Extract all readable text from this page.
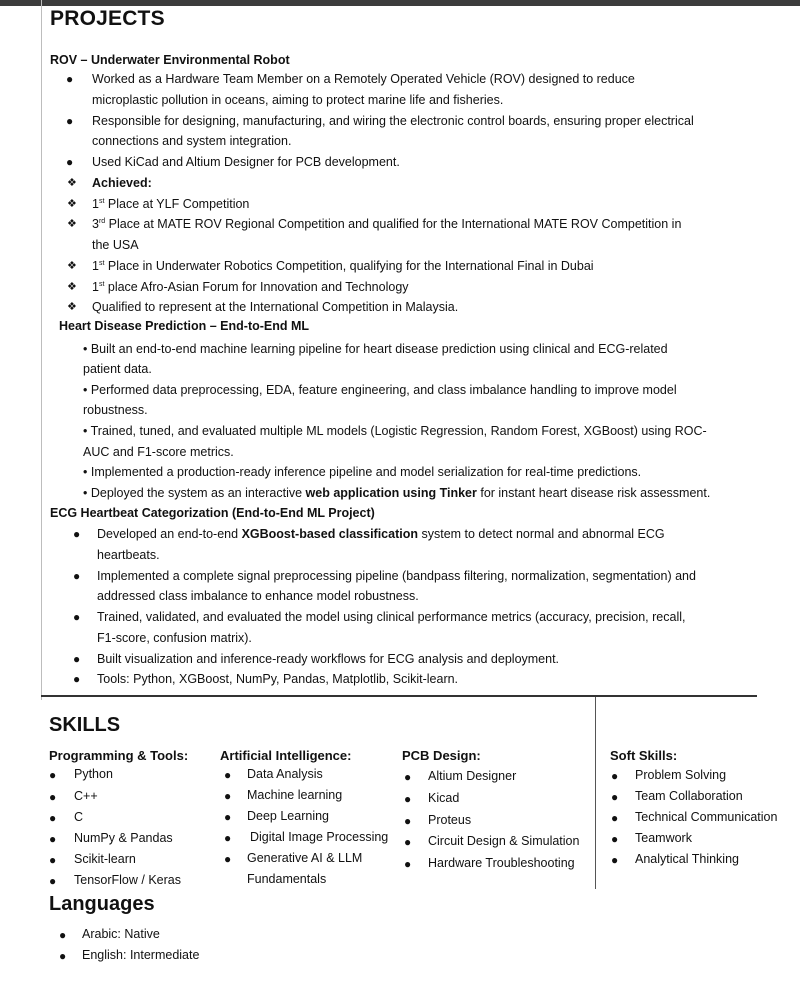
PROJECTS
ROV – Underwater Environmental Robot
● Worked as a Hardware Team Member on a Remotely Operated Vehicle (ROV) designed to reduce
microplastic pollution in oceans, aiming to protect marine life and fisheries.
● Responsible for designing, manufacturing, and wiring the electronic control boards, ensuring proper electrical
connections and system integration.
● Used KiCad and Altium Designer for PCB development.
❖ Achieved:
❖ 1st Place at YLF Competition
❖ 3rd Place at MATE ROV Regional Competition and qualified for the International MATE ROV Competition in
the USA
❖ 1st Place in Underwater Robotics Competition, qualifying for the International Final in Dubai
❖ 1st place Afro-Asian Forum for Innovation and Technology
❖ Qualified to represent at the International Competition in Malaysia.
Heart Disease Prediction – End-to-End ML
• Built an end-to-end machine learning pipeline for heart disease prediction using clinical and ECG-related
patient data.
• Performed data preprocessing, EDA, feature engineering, and class imbalance handling to improve model
robustness.
• Trained, tuned, and evaluated multiple ML models (Logistic Regression, Random Forest, XGBoost) using ROC-
AUC and F1-score metrics.
• Implemented a production-ready inference pipeline and model serialization for real-time predictions.
• Deployed the system as an interactive web application using Tinker for instant heart disease risk assessment.
ECG Heartbeat Categorization (End-to-End ML Project)
● Developed an end-to-end XGBoost-based classification system to detect normal and abnormal ECG
heartbeats.
● Implemented a complete signal preprocessing pipeline (bandpass filtering, normalization, segmentation) and
addressed class imbalance to enhance model robustness.
● Trained, validated, and evaluated the model using clinical performance metrics (accuracy, precision, recall,
F1-score, confusion matrix).
● Built visualization and inference-ready workflows for ECG analysis and deployment.
● Tools: Python, XGBoost, NumPy, Pandas, Matplotlib, Scikit-learn.
SKILLS
Programming & Tools: Artificial Intelligence:	PCB Design:	Soft Skills:
● Python
● C++
● C
● NumPy & Pandas
● Scikit-learn
● TensorFlow / Keras
● Data Analysis
● Machine learning
● Deep Learning
● Digital Image Processing
● Generative AI & LLM
Fundamentals
● Altium Designer
● Kicad
● Proteus
● Circuit Design & Simulation
● Hardware Troubleshooting
● Problem Solving
● Team Collaboration
● Technical Communication
● Teamwork
● Analytical Thinking
Languages
● Arabic: Native
● English: Intermediate
